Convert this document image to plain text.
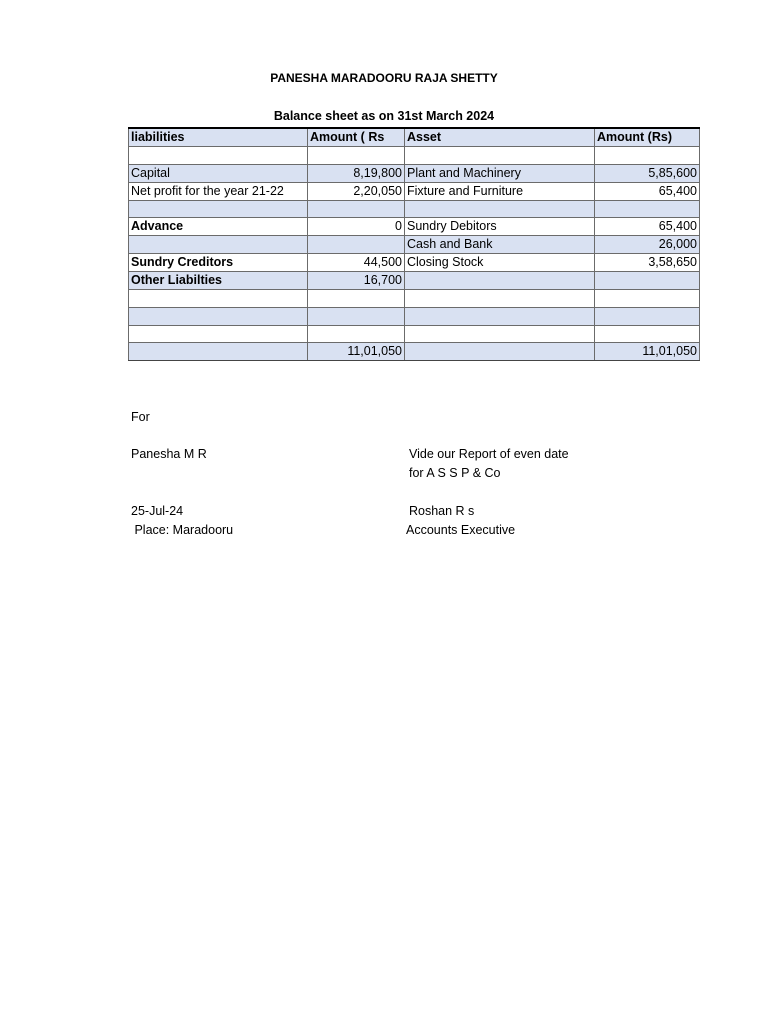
PANESHA MARADOORU RAJA SHETTY
Balance sheet as on 31st March 2024
liabilities	Amount ( Rs	Asset	Amount (Rs)

Capital	8,19,800	Plant and Machinery	5,85,600
Net profit for the year 21-22	2,20,050	Fixture and Furniture	65,400

Advance	0	Sundry Debitors	65,400
		Cash and Bank	26,000
Sundry Creditors	44,500	Closing Stock	3,58,650
Other Liabilties	16,700		

	11,01,050		11,01,050
For
Panesha M R	Vide our Report of even date
for A S S P & Co
25-Jul-24	Roshan R s
Place: Maradooru	Accounts Executive
